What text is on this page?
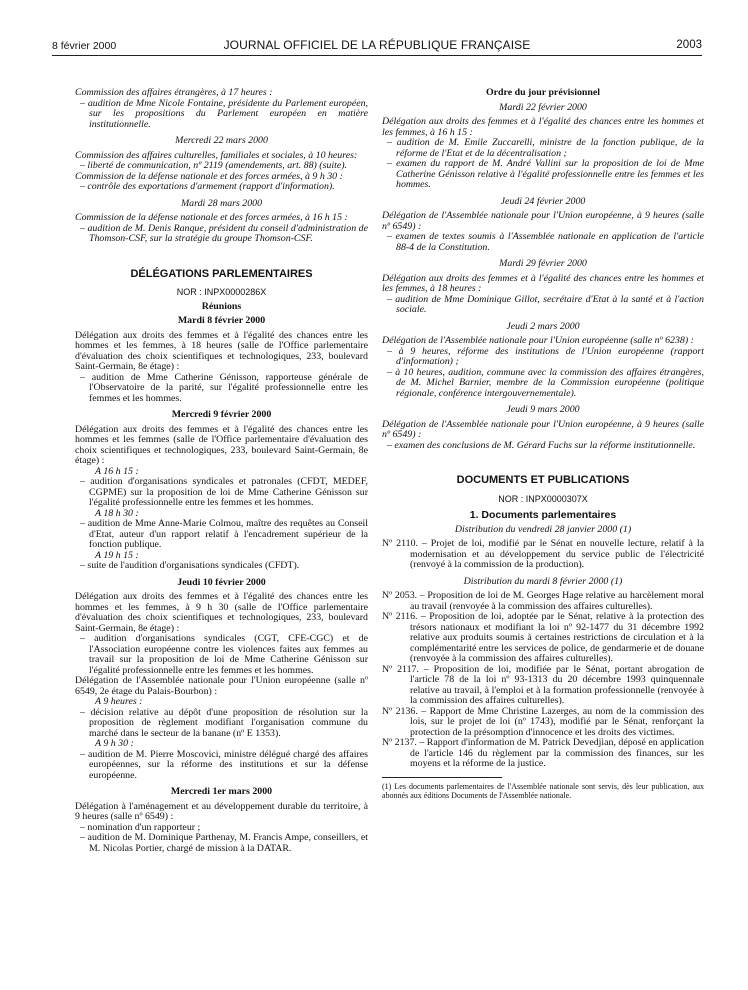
8 février 2000	JOURNAL OFFICIEL DE LA RÉPUBLIQUE FRANÇAISE	2003

Commission des affaires étrangères, à 17 heures :

– audition de Mme Nicole Fontaine, présidente du Parlement européen, sur les propositions du Parlement européen en matière institutionnelle.

Mercredi 22 mars 2000

Commission des affaires culturelles, familiales et sociales, à 10 heures:

– liberté de communication, nº 2119 (amendements, art. 88) (suite).

Commission de la défense nationale et des forces armées, à 9 h 30 :

– contrôle des exportations d'armement (rapport d'information).

Mardi 28 mars 2000

Commission de la défense nationale et des forces armées, à 16 h 15 :

– audition de M. Denis Ranque, président du conseil d'administration de Thomson-CSF, sur la stratégie du groupe Thomson-CSF.

DÉLÉGATIONS PARLEMENTAIRES

NOR : INPX0000286X

Réunions

Mardi 8 février 2000

Délégation aux droits des femmes et à l'égalité des chances entre les hommes et les femmes, à 18 heures (salle de l'Office parlementaire d'évaluation des choix scientifiques et technologiques, 233, boulevard Saint-Germain, 8e étage) :

– audition de Mme Catherine Génisson, rapporteuse générale de l'Observatoire de la parité, sur l'égalité professionnelle entre les femmes et les hommes.

Mercredi 9 février 2000

Délégation aux droits des femmes et à l'égalité des chances entre les hommes et les femmes (salle de l'Office parlementaire d'évaluation des choix scientifiques et technologiques, 233, boulevard Saint-Germain, 8e étage) :

A 16 h 15 :

– audition d'organisations syndicales et patronales (CFDT, MEDEF, CGPME) sur la proposition de loi de Mme Catherine Génisson sur l'égalité professionnelle entre les femmes et les hommes.

A 18 h 30 :

– audition de Mme Anne-Marie Colmou, maître des requêtes au Conseil d'Etat, auteur d'un rapport relatif à l'encadrement supérieur de la fonction publique.

A 19 h 15 :

– suite de l'audition d'organisations syndicales (CFDT).

Jeudi 10 février 2000

Délégation aux droits des femmes et à l'égalité des chances entre les hommes et les femmes, à 9 h 30 (salle de l'Office parlementaire d'évaluation des choix scientifiques et technologiques, 233, boulevard Saint-Germain, 8e étage) :

– audition d'organisations syndicales (CGT, CFE-CGC) et de l'Association européenne contre les violences faites aux femmes au travail sur la proposition de loi de Mme Catherine Génisson sur l'égalité professionnelle entre les femmes et les hommes.

Délégation de l'Assemblée nationale pour l'Union européenne (salle nº 6549, 2e étage du Palais-Bourbon) :

A 9 heures :

– décision relative au dépôt d'une proposition de résolution sur la proposition de règlement modifiant l'organisation commune du marché dans le secteur de la banane (nº E 1353).

A 9 h 30 :

– audition de M. Pierre Moscovici, ministre délégué chargé des affaires européennes, sur la réforme des institutions et sur la défense européenne.

Mercredi 1er mars 2000

Délégation à l'aménagement et au développement durable du territoire, à 9 heures (salle nº 6549) :

– nomination d'un rapporteur ;

– audition de M. Dominique Parthenay, M. Francis Ampe, conseillers, et M. Nicolas Portier, chargé de mission à la DATAR.

Ordre du jour prévisionnel

Mardi 22 février 2000

Délégation aux droits des femmes et à l'égalité des chances entre les hommes et les femmes, à 16 h 15 :

– audition de M. Emile Zuccarelli, ministre de la fonction publique, de la réforme de l'Etat et de la décentralisation ;

– examen du rapport de M. André Vallini sur la proposition de loi de Mme Catherine Génisson relative à l'égalité professionnelle entre les femmes et les hommes.

Jeudi 24 février 2000

Délégation de l'Assemblée nationale pour l'Union européenne, à 9 heures (salle nº 6549) :

– examen de textes soumis à l'Assemblée nationale en application de l'article 88-4 de la Constitution.

Mardi 29 février 2000

Délégation aux droits des femmes et à l'égalité des chances entre les hommes et les femmes, à 18 heures :

– audition de Mme Dominique Gillot, secrétaire d'Etat à la santé et à l'action sociale.

Jeudi 2 mars 2000

Délégation de l'Assemblée nationale pour l'Union européenne (salle nº 6238) :

– à 9 heures, réforme des institutions de l'Union européenne (rapport d'information) ;

– à 10 heures, audition, commune avec la commission des affaires étrangères, de M. Michel Barnier, membre de la Commission européenne (politique régionale, conférence intergouvernementale).

Jeudi 9 mars 2000

Délégation de l'Assemblée nationale pour l'Union européenne, à 9 heures (salle nº 6549) :

– examen des conclusions de M. Gérard Fuchs sur la réforme institutionnelle.

DOCUMENTS ET PUBLICATIONS

NOR : INPX0000307X

1. Documents parlementaires

Distribution du vendredi 28 janvier 2000 (1)

Nº 2110. – Projet de loi, modifié par le Sénat en nouvelle lecture, relatif à la modernisation et au développement du service public de l'électricité (renvoyé à la commission de la production).

Distribution du mardi 8 février 2000 (1)

Nº 2053. – Proposition de loi de M. Georges Hage relative au harcèlement moral au travail (renvoyée à la commission des affaires culturelles).

Nº 2116. – Proposition de loi, adoptée par le Sénat, relative à la protection des trésors nationaux et modifiant la loi nº 92-1477 du 31 décembre 1992 relative aux produits soumis à certaines restrictions de circulation et à la complémentarité entre les services de police, de gendarmerie et de douane (renvoyée à la commission des affaires culturelles).

Nº 2117. – Proposition de loi, modifiée par le Sénat, portant abrogation de l'article 78 de la loi nº 93-1313 du 20 décembre 1993 quinquennale relative au travail, à l'emploi et à la formation professionnelle (renvoyée à la commission des affaires culturelles).

Nº 2136. – Rapport de Mme Christine Lazerges, au nom de la commission des lois, sur le projet de loi (nº 1743), modifié par le Sénat, renforçant la protection de la présomption d'innocence et les droits des victimes.

Nº 2137. – Rapport d'information de M. Patrick Devedjian, déposé en application de l'article 146 du règlement par la commission des finances, sur les moyens et la réforme de la justice.

(1) Les documents parlementaires de l'Assemblée nationale sont servis, dès leur publication, aux abonnés aux éditions Documents de l'Assemblée nationale.
